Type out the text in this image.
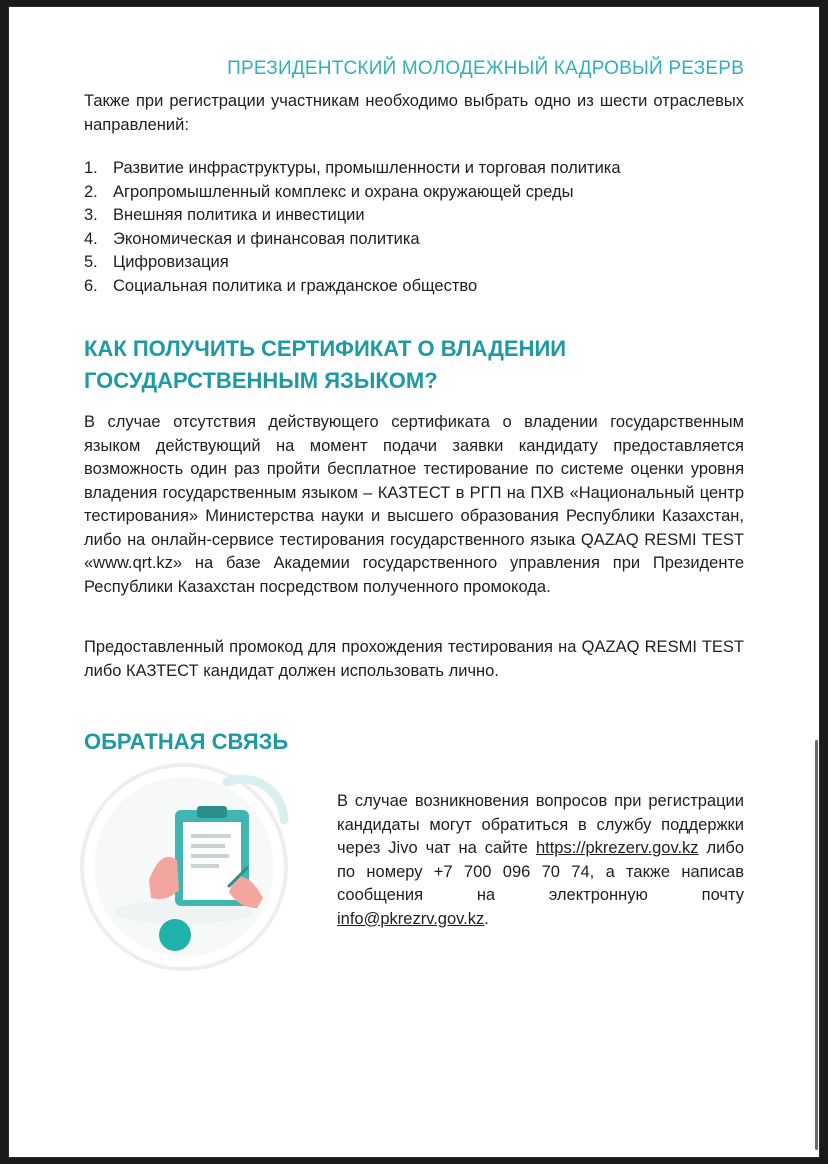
ПРЕЗИДЕНТСКИЙ МОЛОДЕЖНЫЙ КАДРОВЫЙ РЕЗЕРВ
Также при регистрации участникам необходимо выбрать одно из шести отраслевых направлений:
1. Развитие инфраструктуры, промышленности и торговая политика
2. Агропромышленный комплекс и охрана окружающей среды
3. Внешняя политика и инвестиции
4. Экономическая и финансовая политика
5. Цифровизация
6. Социальная политика и гражданское общество
КАК ПОЛУЧИТЬ СЕРТИФИКАТ О ВЛАДЕНИИ
ГОСУДАРСТВЕННЫМ ЯЗЫКОМ?
В случае отсутствия действующего сертификата о владении государственным языком действующий на момент подачи заявки кандидату предоставляется возможность один раз пройти бесплатное тестирование по системе оценки уровня владения государственным языком – КАЗТЕСТ в РГП на ПХВ «Национальный центр тестирования» Министерства науки и высшего образования Республики Казахстан, либо на онлайн-сервисе тестирования государственного языка QAZAQ RESMI TEST «www.qrt.kz» на базе Академии государственного управления при Президенте Республики Казахстан посредством полученного промокода.
Предоставленный промокод для прохождения тестирования на QAZAQ RESMI TEST либо КАЗТЕСТ кандидат должен использовать лично.
ОБРАТНАЯ СВЯЗЬ
В случае возникновения вопросов при регистрации кандидаты могут обратиться в службу поддержки через Jivo чат на сайте https://pkrezerv.gov.kz либо по номеру +7 700 096 70 74, а также написав сообщения на электронную почту info@pkrezrv.gov.kz.
